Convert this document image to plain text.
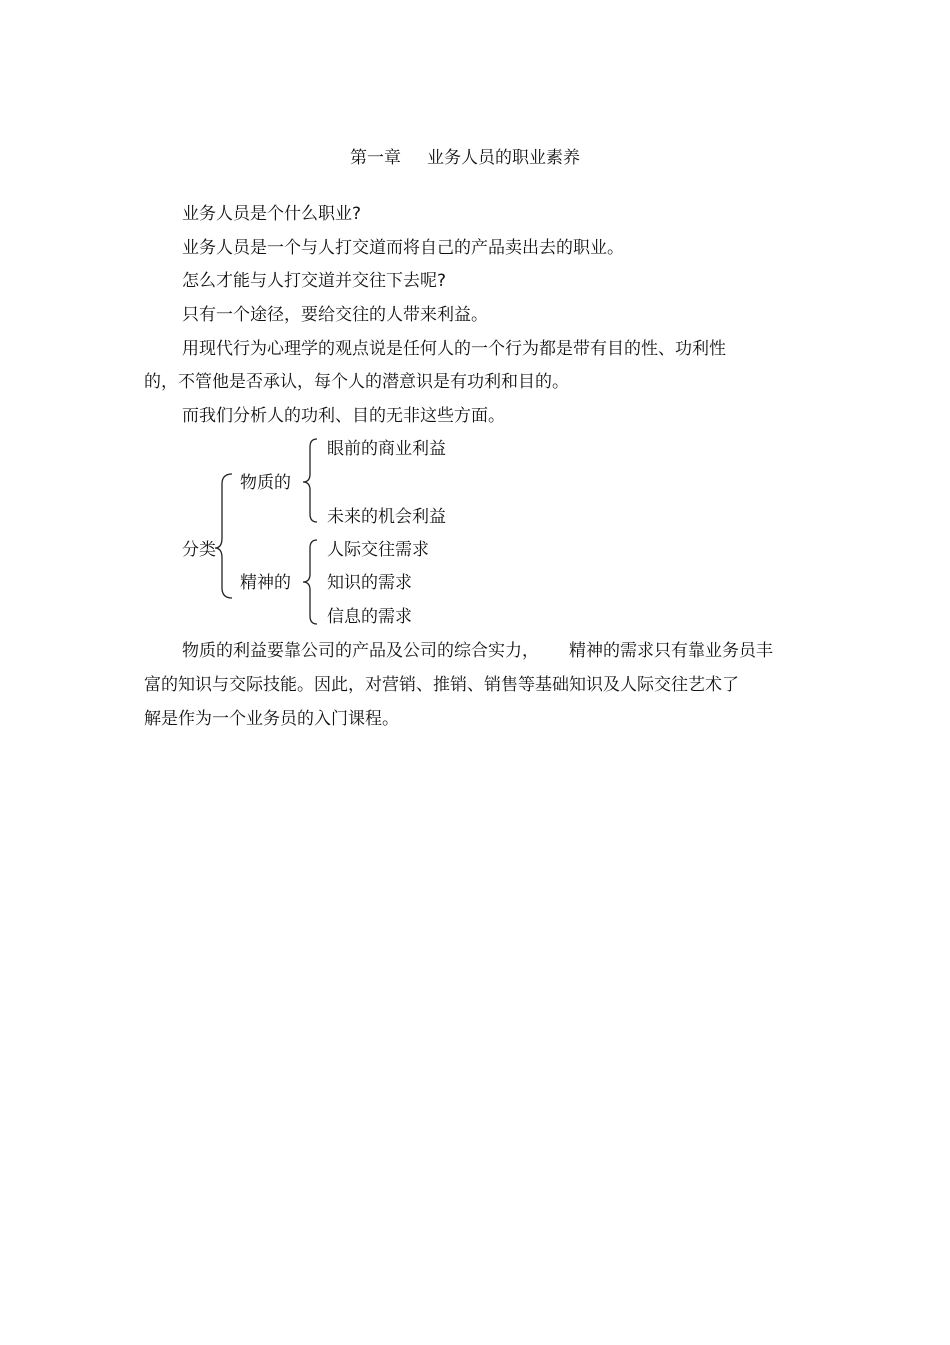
第一章 业务人员的职业素养
业务人员是个什么职业?
业务人员是一个与人打交道而将自己的产品卖出去的职业。
怎么才能与人打交道并交往下去呢?
只有一个途径，要给交往的人带来利益。
用现代行为心理学的观点说是任何人的一个行为都是带有目的性、功利性
的，不管他是否承认，每个人的潜意识是有功利和目的。
而我们分析人的功利、目的无非这些方面。
分类
物质的
精神的
眼前的商业利益
未来的机会利益
人际交往需求
知识的需求
信息的需求
物质的利益要靠公司的产品及公司的综合实力， 精神的需求只有靠业务员丰
富的知识与交际技能。因此，对营销、推销、销售等基础知识及人际交往艺术了
解是作为一个业务员的入门课程。
